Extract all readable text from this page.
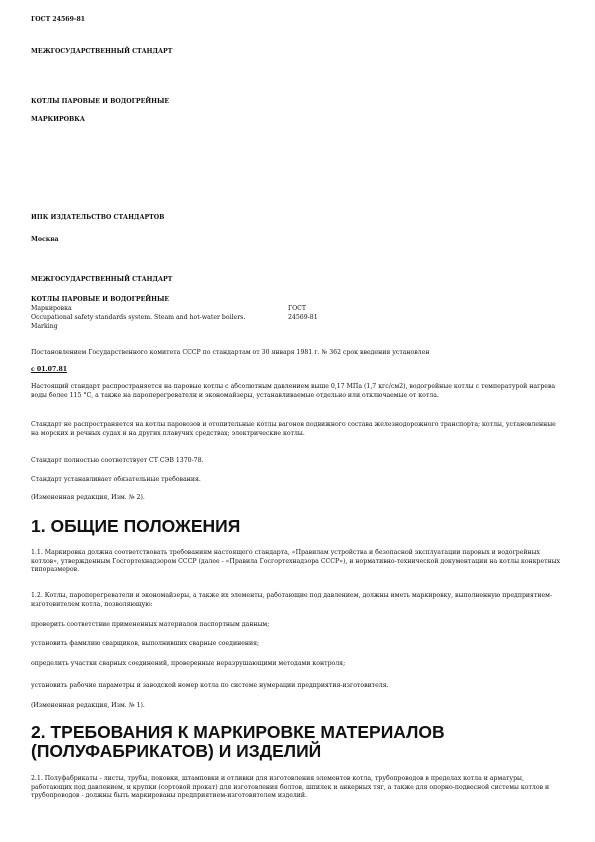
ГОСТ 24569-81
МЕЖГОСУДАРСТВЕННЫЙ СТАНДАРТ
КОТЛЫ ПАРОВЫЕ И ВОДОГРЕЙНЫЕ
МАРКИРОВКА
ИПК ИЗДАТЕЛЬСТВО СТАНДАРТОВ
Москва
МЕЖГОСУДАРСТВЕННЫЙ СТАНДАРТ
КОТЛЫ ПАРОВЫЕ И ВОДОГРЕЙНЫЕ
Маркировка
Occupational safety standards system. Steam and hot-water boilers.
Marking
ГОСТ
24569-81
Постановлением Государственного комитета СССР по стандартам от 30 января 1981 г. № 362 срок введения установлен
с 01.07.81
Настоящий стандарт распространяется на паровые котлы с абсолютным давлением выше 0,17 МПа (1,7 кгс/см2), водогрейные котлы с температурой нагрева воды более 115 °С, а также на пароперегреватели и экономайзеры, устанавливаемые отдельно или отключаемые от котла.
Стандарт не распространяется на котлы паровозов и отопительные котлы вагонов подвижного состава железнодорожного транспорта; котлы, установленные на морских и речных судах и на других плавучих средствах; электрические котлы.
Стандарт полностью соответствует СТ СЭВ 1370-78.
Стандарт устанавливает обязательные требования.
(Измененная редакция, Изм. № 2).
1. ОБЩИЕ ПОЛОЖЕНИЯ
1.1. Маркировка должна соответствовать требованиям настоящего стандарта, «Правилам устройства и безопасной эксплуатации паровых и водогрейных котлов», утвержденным Госгортехнадзором СССР (далее - «Правила Госгортехнадзора СССР»), и нормативно-технической документации на котлы конкретных типоразмеров.
1.2. Котлы, пароперегреватели и экономайзеры, а также их элементы, работающие под давлением, должны иметь маркировку, выполненную предприятием-изготовителем котла, позволяющую:
проверить соответствие примененных материалов паспортным данным;
установить фамилию сварщиков, выполнивших сварные соединения;
определить участки сварных соединений, проверенные неразрушающими методами контроля;
установить рабочие параметры и заводской номер котла по системе нумерации предприятия-изготовителя.
(Измененная редакция, Изм. № 1).
2. ТРЕБОВАНИЯ К МАРКИРОВКЕ МАТЕРИАЛОВ
(ПОЛУФАБРИКАТОВ) И ИЗДЕЛИЙ
2.1. Полуфабрикаты - листы, трубы, поковки, штамповки и отливки для изготовления элементов котла, трубопроводов в пределах котла и арматуры, работающих под давлением, и крупки (сортовой прокат) для изготовления болтов, шпилек и анкерных тяг, а также для опорно-подвесной системы котлов и трубопроводов - должны быть маркированы предприятием-изготовителем изделий.
